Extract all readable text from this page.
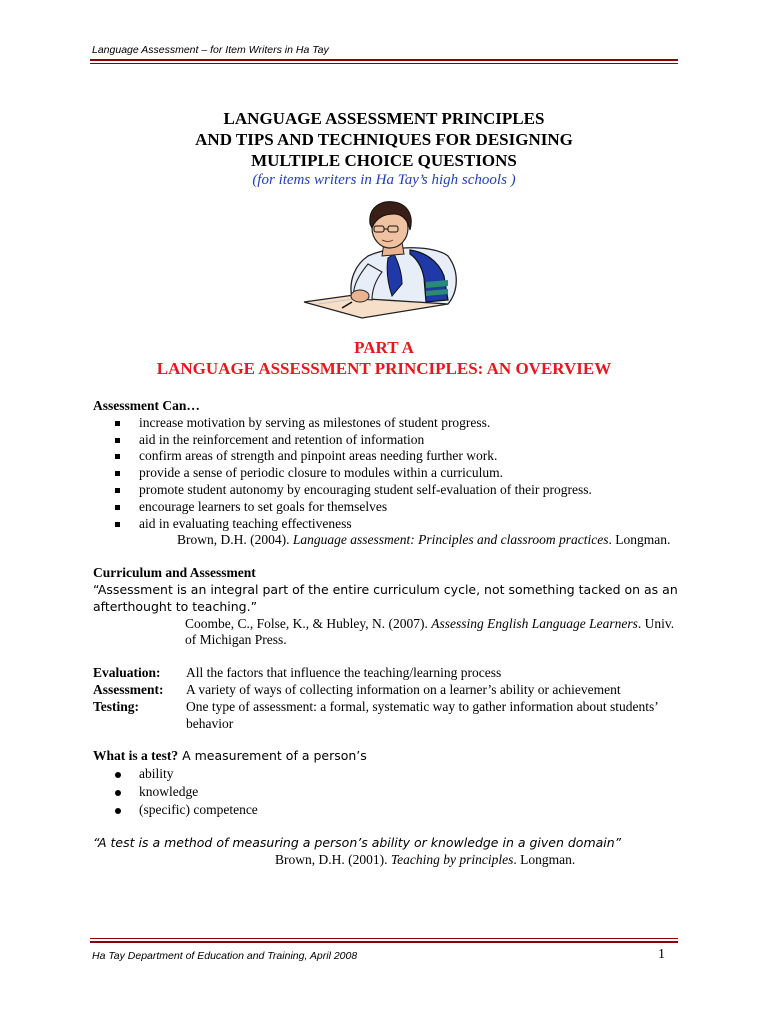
Language Assessment – for Item Writers in Ha Tay
LANGUAGE ASSESSMENT PRINCIPLES
AND TIPS AND TECHNIQUES FOR DESIGNING
MULTIPLE CHOICE QUESTIONS
(for items writers in Ha Tay’s high schools )
PART A
LANGUAGE ASSESSMENT PRINCIPLES: AN OVERVIEW
Assessment Can…
increase motivation by serving as milestones of student progress.
aid in the reinforcement and retention of information
confirm areas of strength and pinpoint areas needing further work.
provide a sense of periodic closure to modules within a curriculum.
promote student autonomy by encouraging student self-evaluation of their progress.
encourage learners to set goals for themselves
aid in evaluating teaching effectiveness
Brown, D.H. (2004). Language assessment: Principles and classroom practices. Longman.
Curriculum and Assessment
“Assessment is an integral part of the entire curriculum cycle, not something tacked on as an afterthought to teaching.”
Coombe, C., Folse, K., & Hubley, N. (2007). Assessing English Language Learners. Univ. of Michigan Press.
Evaluation:	All the factors that influence the teaching/learning process
Assessment:	A variety of ways of collecting information on a learner’s ability or achievement
Testing:	One type of assessment: a formal, systematic way to gather information about students’ behavior
What is a test? A measurement of a person’s
ability
knowledge
(specific) competence
“A test is a method of measuring a person’s ability or knowledge in a given domain”
Brown, D.H. (2001). Teaching by principles. Longman.
Ha Tay Department of Education and Training, April 2008	1
